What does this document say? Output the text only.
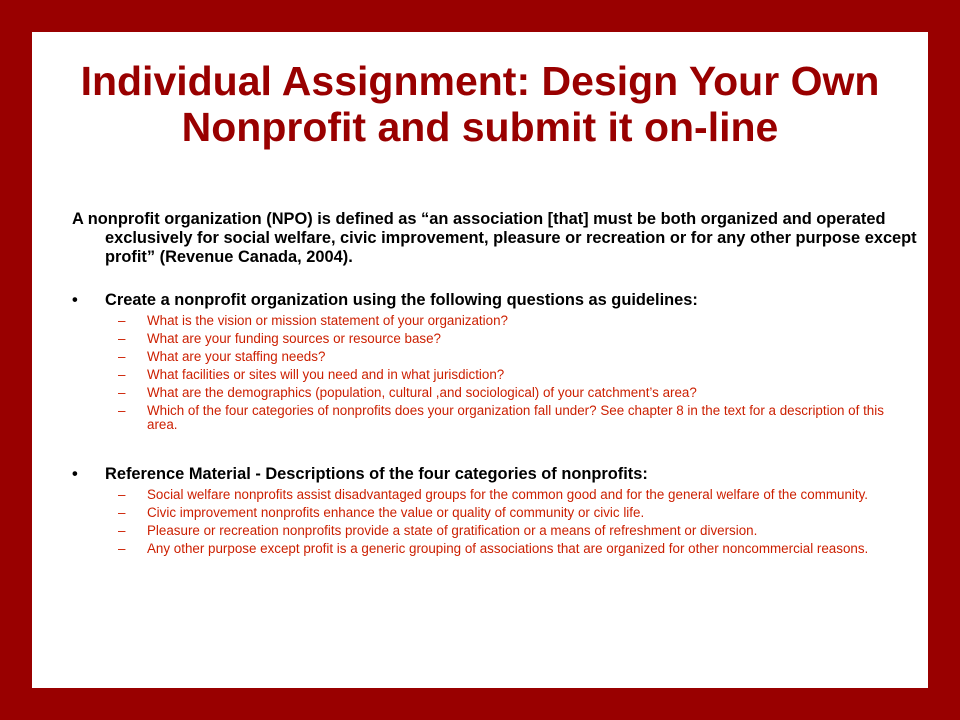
Individual Assignment: Design Your Own Nonprofit and submit it on-line

A nonprofit organization (NPO) is defined as “an association [that] must be both organized and operated exclusively for social welfare, civic improvement, pleasure or recreation or for any other purpose except profit” (Revenue Canada, 2004).

• Create a nonprofit organization using the following questions as guidelines:
– What is the vision or mission statement of your organization?
– What are your funding sources or resource base?
– What are your staffing needs?
– What facilities or sites will you need and in what jurisdiction?
– What are the demographics (population, cultural ,and sociological) of your catchment’s area?
– Which of the four categories of nonprofits does your organization fall under? See chapter 8 in the text for a description of this area.
• Reference Material - Descriptions of the four categories of nonprofits:
– Social welfare nonprofits assist disadvantaged groups for the common good and for the general welfare of the community.
– Civic improvement nonprofits enhance the value or quality of community or civic life.
– Pleasure or recreation nonprofits provide a state of gratification or a means of refreshment or diversion.
– Any other purpose except profit is a generic grouping of associations that are organized for other noncommercial reasons.
